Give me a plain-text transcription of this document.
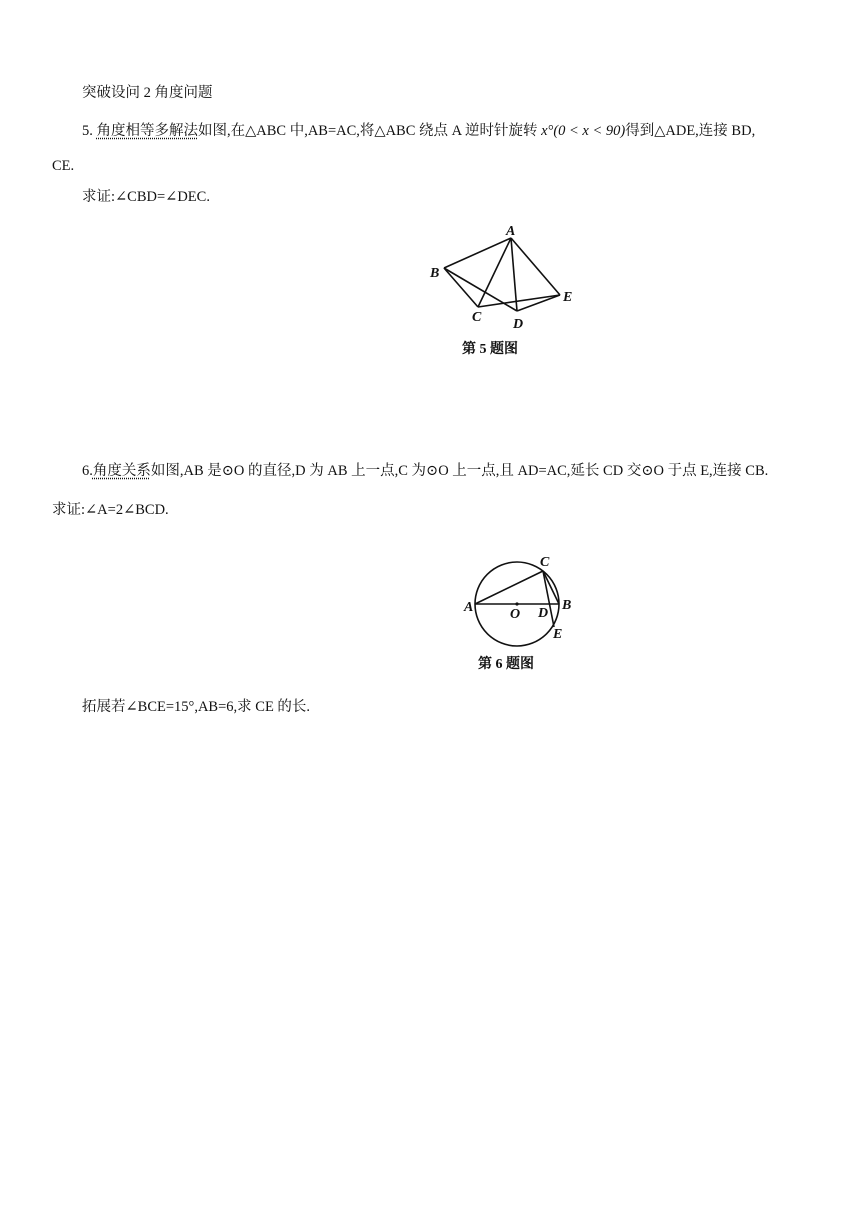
突破设问 2 角度问题
5. 角度相等多解法如图,在△ABC 中,AB=AC,将△ABC 绕点 A 逆时针旋转 x°(0 < x < 90)得到△ADE,连接 BD,
CE.
求证:∠CBD=∠DEC.
A
B
C D
E
第 5 题图
6.角度关系如图,AB 是⊙O 的直径,D 为 AB 上一点,C 为⊙O 上一点,且 AD=AC,延长 CD 交⊙O 于点 E,连接 CB.
求证:∠A=2∠BCD.
A	B
C
D
E
O
第 6 题图
拓展若∠BCE=15°,AB=6,求 CE 的长.
